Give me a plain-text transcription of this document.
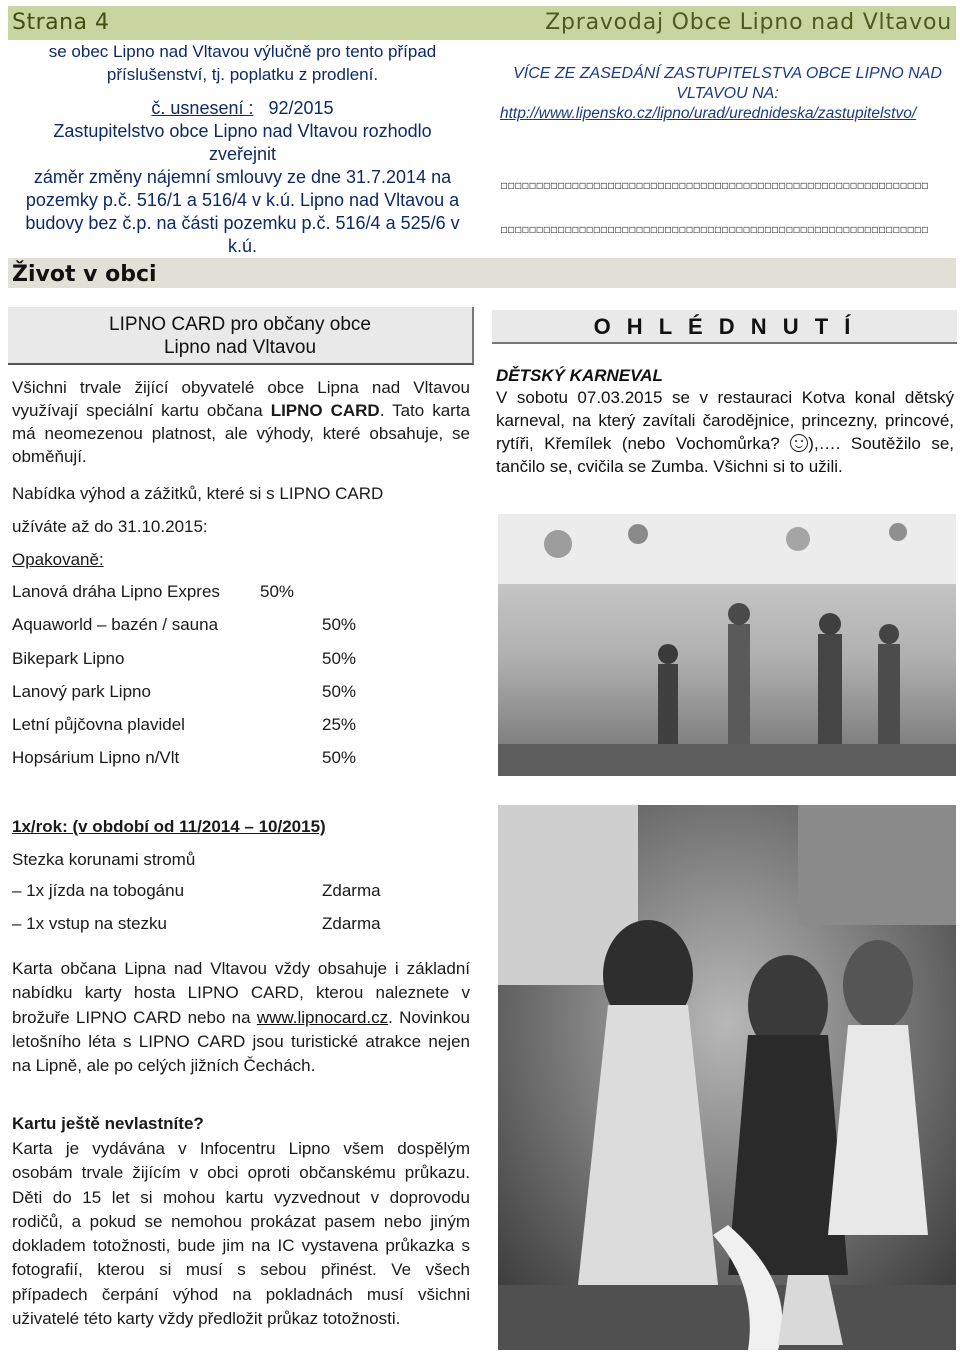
Strana 4	Zpravodaj Obce Lipno nad Vltavou
se obec Lipno nad Vltavou výlučně pro tento případ
příslušenství, tj. poplatku z prodlení.
č. usnesení : 92/2015
Zastupitelstvo obce Lipno nad Vltavou rozhodlo zveřejnit
záměr změny nájemní smlouvy ze dne 31.7.2014 na
pozemky p.č. 516/1 a 516/4 v k.ú. Lipno nad Vltavou a
budovy bez č.p. na části pozemku p.č. 516/4 a 525/6 v k.ú.
VÍCE ZE ZASEDÁNÍ ZASTUPITELSTVA OBCE LIPNO NAD
VLTAVOU NA:
http://www.lipensko.cz/lipno/urad/urednideska/zastupitelstvo/
▫▫▫▫▫▫▫▫▫▫▫▫▫▫▫▫▫▫▫▫▫▫▫▫▫▫▫▫▫▫▫▫▫▫▫▫▫▫▫▫▫▫▫▫▫▫▫▫▫▫▫▫▫▫▫▫▫▫▫▫
▫▫▫▫▫▫▫▫▫▫▫▫▫▫▫▫▫▫▫▫▫▫▫▫▫▫▫▫▫▫▫▫▫▫▫▫▫▫▫▫▫▫▫▫▫▫▫▫▫▫▫▫▫▫▫▫▫▫▫▫
Život v obci
LIPNO CARD pro občany obce
Lipno nad Vltavou
Všichni trvale žijící obyvatelé obce Lipna nad Vltavou využívají speciální kartu občana LIPNO CARD. Tato karta má neomezenou platnost, ale výhody, které obsahuje, se obměňují.
Nabídka výhod a zážitků, které si s LIPNO CARD
užíváte až do 31.10.2015:
Opakovaně:
Lanová dráha Lipno Expres 50%
Aquaworld – bazén / sauna	50%
Bikepark Lipno	50%
Lanový park Lipno	50%
Letní půjčovna plavidel	25%
Hopsárium Lipno n/Vlt	50%
1x/rok: (v období od 11/2014 – 10/2015)
Stezka korunami stromů
– 1x jízda na tobogánu	Zdarma
– 1x vstup na stezku	Zdarma
Karta občana Lipna nad Vltavou vždy obsahuje i základní nabídku karty hosta LIPNO CARD, kterou naleznete v brožuře LIPNO CARD nebo na www.lipnocard.cz. Novinkou letošního léta s LIPNO CARD jsou turistické atrakce nejen na Lipně, ale po celých jižních Čechách.
Kartu ještě nevlastníte?
Karta je vydávána v Infocentru Lipno všem dospělým osobám trvale žijícím v obci oproti občanskému průkazu. Děti do 15 let si mohou kartu vyzvednout v doprovodu rodičů, a pokud se nemohou prokázat pasem nebo jiným dokladem totožnosti, bude jim na IC vystavena průkazka s fotografií, kterou si musí s sebou přinést. Ve všech případech čerpání výhod na pokladnách musí všichni uživatelé této karty vždy předložit průkaz totožnosti.
O H L É D N U T Í
DĚTSKÝ KARNEVAL
V sobotu 07.03.2015 se v restauraci Kotva konal dětský karneval, na který zavítali čarodějnice, princezny, princové, rytíři, Křemílek (nebo Vochomůrka? ),…. Soutěžilo se, tančilo se, cvičila se Zumba. Všichni si to užili.
